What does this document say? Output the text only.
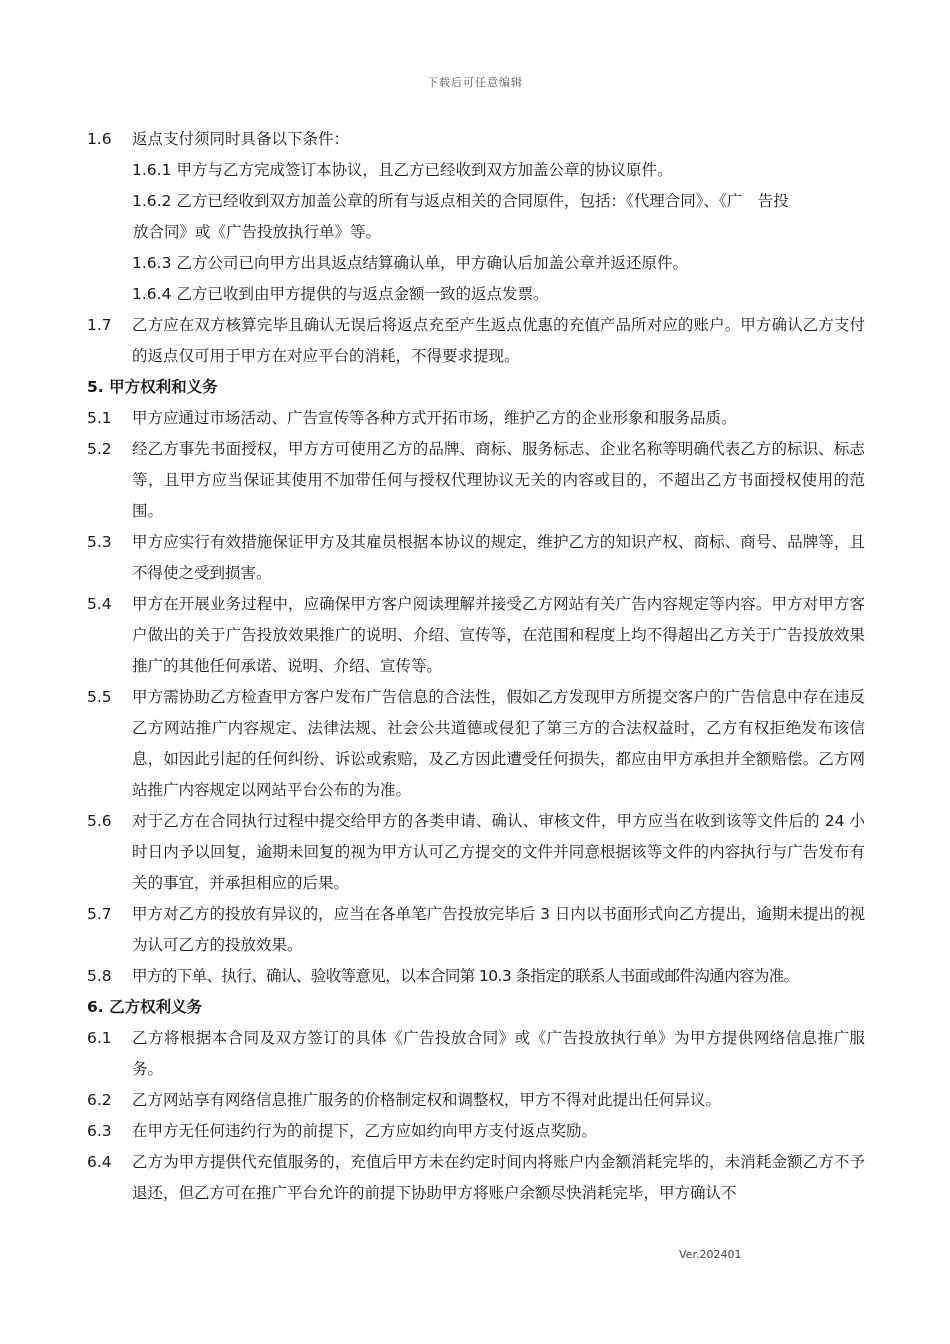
下载后可任意编辑
1.6	返点支付须同时具备以下条件：
1.6.1 甲方与乙方完成签订本协议，且乙方已经收到双方加盖公章的协议原件。
1.6.2 乙方已经收到双方加盖公章的所有与返点相关的合同原件，包括：《代理合同》、《广　告投
放合同》或《广告投放执行单》等。
1.6.3 乙方公司已向甲方出具返点结算确认单，甲方确认后加盖公章并返还原件。
1.6.4 乙方已收到由甲方提供的与返点金额一致的返点发票。
1.7	乙方应在双方核算完毕且确认无误后将返点充至产生返点优惠的充值产品所对应的账户。甲方确认乙方支付的返点仅可用于甲方在对应平台的消耗，不得要求提现。
5. 甲方权利和义务
5.1	甲方应通过市场活动、广告宣传等各种方式开拓市场，维护乙方的企业形象和服务品质。
5.2	经乙方事先书面授权，甲方方可使用乙方的品牌、商标、服务标志、企业名称等明确代表乙方的标识、标志等，且甲方应当保证其使用不加带任何与授权代理协议无关的内容或目的，不超出乙方书面授权使用的范围。
5.3	甲方应实行有效措施保证甲方及其雇员根据本协议的规定，维护乙方的知识产权、商标、商号、品牌等，且不得使之受到损害。
5.4	甲方在开展业务过程中，应确保甲方客户阅读理解并接受乙方网站有关广告内容规定等内容。甲方对甲方客户做出的关于广告投放效果推广的说明、介绍、宣传等，在范围和程度上均不得超出乙方关于广告投放效果推广的其他任何承诺、说明、介绍、宣传等。
5.5	甲方需协助乙方检查甲方客户发布广告信息的合法性，假如乙方发现甲方所提交客户的广告信息中存在违反乙方网站推广内容规定、法律法规、社会公共道德或侵犯了第三方的合法权益时，乙方有权拒绝发布该信息，如因此引起的任何纠纷、诉讼或索赔，及乙方因此遭受任何损失，都应由甲方承担并全额赔偿。乙方网站推广内容规定以网站平台公布的为准。
5.6	对于乙方在合同执行过程中提交给甲方的各类申请、确认、审核文件，甲方应当在收到该等文件后的 24 小时日内予以回复，逾期未回复的视为甲方认可乙方提交的文件并同意根据该等文件的内容执行与广告发布有关的事宜，并承担相应的后果。
5.7	甲方对乙方的投放有异议的，应当在各单笔广告投放完毕后 3 日内以书面形式向乙方提出，逾期未提出的视为认可乙方的投放效果。
5.8	甲方的下单、执行、确认、验收等意见，以本合同第 10.3 条指定的联系人书面或邮件沟通内容为准。
6. 乙方权利义务
6.1	乙方将根据本合同及双方签订的具体《广告投放合同》或《广告投放执行单》为甲方提供网络信息推广服务。
6.2	乙方网站享有网络信息推广服务的价格制定权和调整权，甲方不得对此提出任何异议。
6.3	在甲方无任何违约行为的前提下，乙方应如约向甲方支付返点奖励。
6.4	乙方为甲方提供代充值服务的，充值后甲方未在约定时间内将账户内金额消耗完毕的，未消耗金额乙方不予退还，但乙方可在推广平台允许的前提下协助甲方将账户余额尽快消耗完毕，甲方确认不
Ver.202401
